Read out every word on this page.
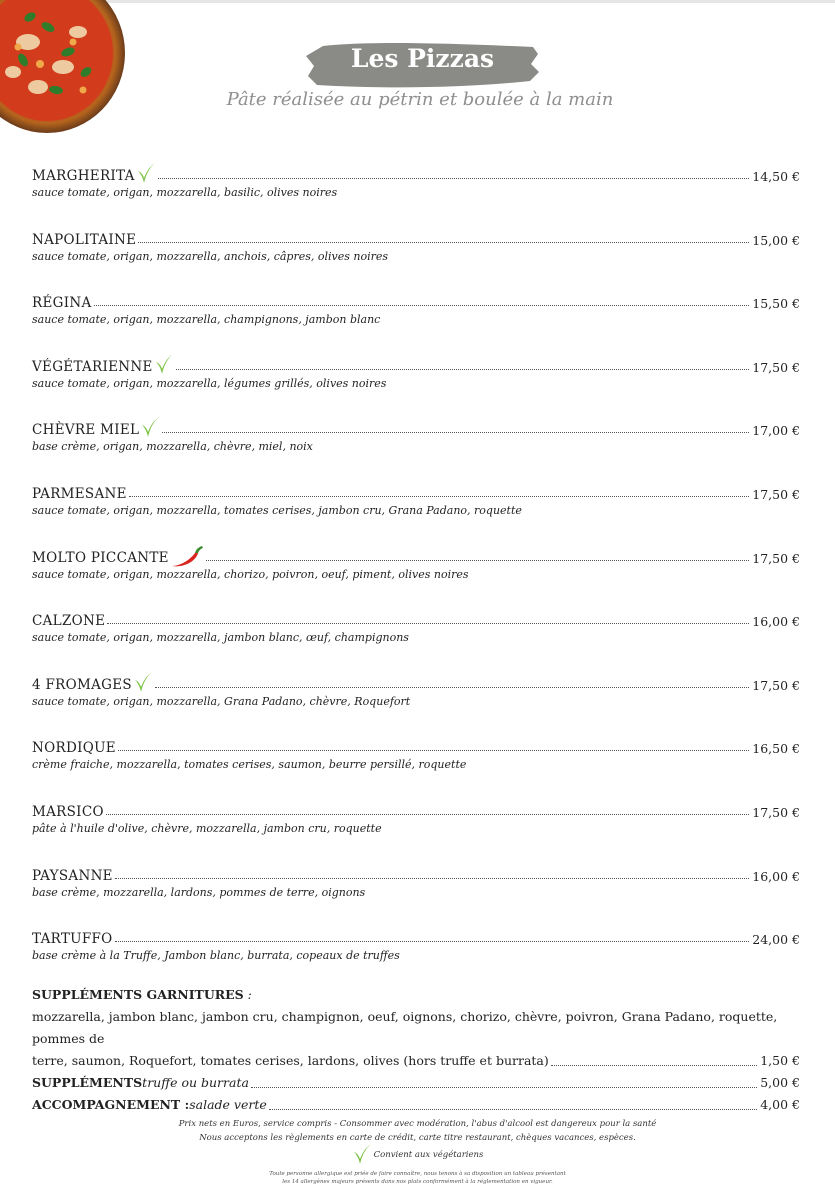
Les Pizzas
Pâte réalisée au pétrin et boulée à la main
MARGHERITA	14,50 €
sauce tomate, origan, mozzarella, basilic, olives noires
NAPOLITAINE	15,00 €
sauce tomate, origan, mozzarella, anchois, câpres, olives noires
RÉGINA	15,50 €
sauce tomate, origan, mozzarella, champignons, jambon blanc
VÉGÉTARIENNE	17,50 €
sauce tomate, origan, mozzarella, légumes grillés, olives noires
CHÈVRE MIEL	17,00 €
base crème, origan, mozzarella, chèvre, miel, noix
PARMESANE	17,50 €
sauce tomate, origan, mozzarella, tomates cerises, jambon cru, Grana Padano, roquette
MOLTO PICCANTE	17,50 €
sauce tomate, origan, mozzarella, chorizo, poivron, oeuf, piment, olives noires
CALZONE	16,00 €
sauce tomate, origan, mozzarella, jambon blanc, œuf, champignons
4 FROMAGES	17,50 €
sauce tomate, origan, mozzarella, Grana Padano, chèvre, Roquefort
NORDIQUE	16,50 €
crème fraiche, mozzarella, tomates cerises, saumon, beurre persillé, roquette
MARSICO	17,50 €
pâte à l'huile d'olive, chèvre, mozzarella, jambon cru, roquette
PAYSANNE	16,00 €
base crème, mozzarella, lardons, pommes de terre, oignons
TARTUFFO	24,00 €
base crème à la Truffe, Jambon blanc, burrata, copeaux de truffes
SUPPLÉMENTS GARNITURES :
mozzarella, jambon blanc, jambon cru, champignon, oeuf, oignons, chorizo, chèvre, poivron, Grana Padano, roquette, pommes de
terre, saumon, Roquefort, tomates cerises, lardons, olives (hors truffe et burrata)	1,50 €
SUPPLÉMENTS truffe ou burrata	5,00 €
ACCOMPAGNEMENT : salade verte	4,00 €
Prix nets en Euros, service compris - Consommer avec modération, l'abus d'alcool est dangereux pour la santé
Nous acceptons les règlements en carte de crédit, carte titre restaurant, chèques vacances, espèces.
Convient aux végétariens
Toute personne allergique est priée de faire connaître, nous tenons à sa disposition un tableau présentant
les 14 allergènes majeurs présents dans nos plats conformément à la réglementation en vigueur.
